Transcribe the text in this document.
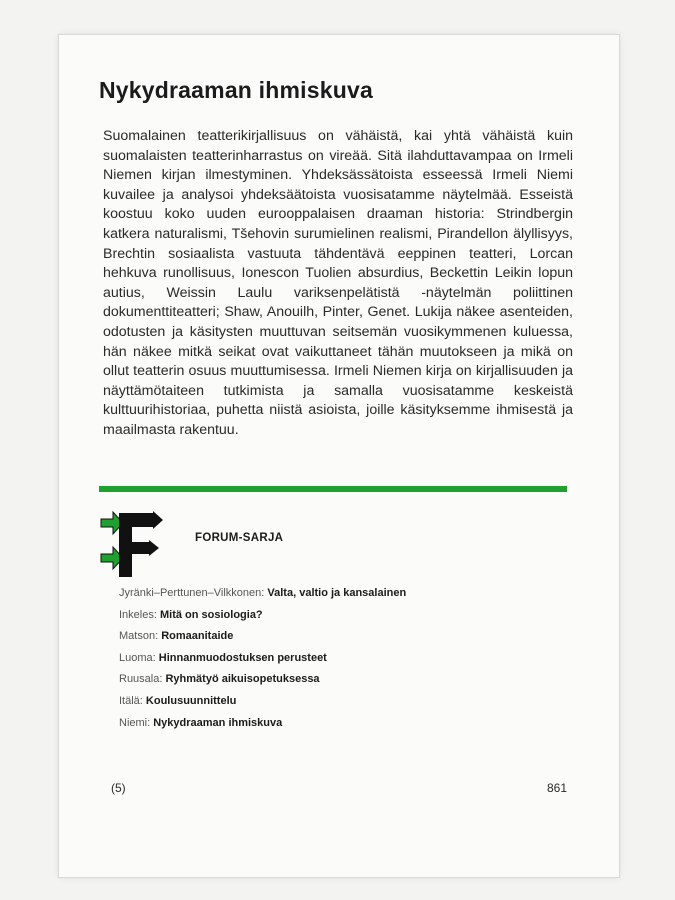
Nykydraaman ihmiskuva
Suomalainen teatterikirjallisuus on vähäistä, kai yhtä vähäistä kuin suomalaisten teatterinharrastus on vireää. Sitä ilahduttavampaa on Irmeli Niemen kirjan ilmestyminen. Yhdeksässätoista esseessä Irmeli Niemi kuvailee ja analysoi yhdeksäätoista vuosisatamme näytelmää. Esseistä koostuu koko uuden eurooppalaisen draaman historia: Strindbergin katkera naturalismi, Tšehovin surumielinen realismi, Pirandellon älyllisyys, Brechtin sosiaalista vastuuta tähdentävä eeppinen teatteri, Lorcan hehkuva runollisuus, Ionescon Tuolien absurdius, Beckettin Leikin lopun autius, Weissin Laulu variksenpelätistä -näytelmän poliittinen dokumenttiteatteri; Shaw, Anouilh, Pinter, Genet. Lukija näkee asenteiden, odotusten ja käsitysten muuttuvan seitsemän vuosikymmenen kuluessa, hän näkee mitkä seikat ovat vaikuttaneet tähän muutokseen ja mikä on ollut teatterin osuus muuttumisessa. Irmeli Niemen kirja on kirjallisuuden ja näyttämötaiteen tutkimista ja samalla vuosisatamme keskeistä kulttuurihistoriaa, puhetta niistä asioista, joille käsityksemme ihmisestä ja maailmasta rakentuu.
FORUM-SARJA
Jyränki–Perttunen–Vilkkonen: Valta, valtio ja kansalainen
Inkeles: Mitä on sosiologia?
Matson: Romaanitaide
Luoma: Hinnanmuodostuksen perusteet
Ruusala: Ryhmätyö aikuisopetuksessa
Itälä: Koulusuunnittelu
Niemi: Nykydraaman ihmiskuva
(5)	861
